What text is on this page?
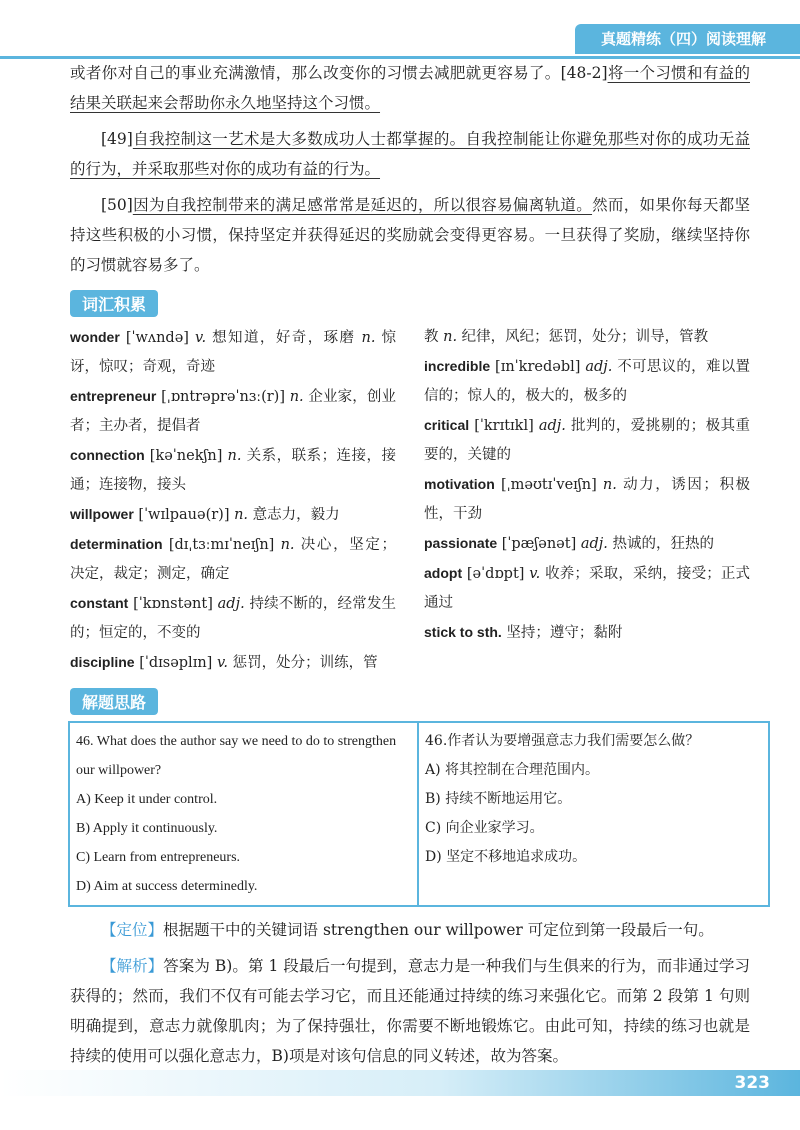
真题精练（四）阅读理解

或者你对自己的事业充满激情，那么改变你的习惯去减肥就更容易了。[48-2]将一个习惯和有益的结果关联起来会帮助你永久地坚持这个习惯。

[49]自我控制这一艺术是大多数成功人士都掌握的。自我控制能让你避免那些对你的成功无益的行为，并采取那些对你的成功有益的行为。

[50]因为自我控制带来的满足感常常是延迟的，所以很容易偏离轨道。然而，如果你每天都坚持这些积极的小习惯，保持坚定并获得延迟的奖励就会变得更容易。一旦获得了奖励，继续坚持你的习惯就容易多了。

词汇积累
wonder [ˈwʌndə] v. 想知道，好奇，琢磨 n. 惊讶，惊叹；奇观，奇迹
entrepreneur [ˌɒntrəprəˈnɜː(r)] n. 企业家，创业者；主办者，提倡者
connection [kəˈnekʃn] n. 关系，联系；连接，接通；连接物，接头
willpower [ˈwɪlpauə(r)] n. 意志力，毅力
determination [dɪˌtɜːmɪˈneɪʃn] n. 决心，坚定；决定，裁定；测定，确定
constant [ˈkɒnstənt] adj. 持续不断的，经常发生的；恒定的，不变的
discipline [ˈdɪsəplɪn] v. 惩罚，处分；训练，管
教 n. 纪律，风纪；惩罚，处分；训导，管教
incredible [ɪnˈkredəbl] adj. 不可思议的，难以置信的；惊人的，极大的，极多的
critical [ˈkrɪtɪkl] adj. 批判的，爱挑剔的；极其重要的，关键的
motivation [ˌməʊtɪˈveɪʃn] n. 动力，诱因；积极性，干劲
passionate [ˈpæʃənət] adj. 热诚的，狂热的
adopt [əˈdɒpt] v. 收养；采取，采纳，接受；正式通过
stick to sth. 坚持；遵守；黏附
解题思路
46. What does the author say we need to do to strengthen our willpower?
A) Keep it under control.
B) Apply it continuously.
C) Learn from entrepreneurs.
D) Aim at success determinedly.
46.作者认为要增强意志力我们需要怎么做？
A) 将其控制在合理范围内。
B) 持续不断地运用它。
C) 向企业家学习。
D) 坚定不移地追求成功。

【定位】根据题干中的关键词语 strengthen our willpower 可定位到第一段最后一句。

【解析】答案为 B)。第 1 段最后一句提到，意志力是一种我们与生俱来的行为，而非通过学习获得的；然而，我们不仅有可能去学习它，而且还能通过持续的练习来强化它。而第 2 段第 1 句则明确提到，意志力就像肌肉；为了保持强壮，你需要不断地锻炼它。由此可知，持续的练习也就是持续的使用可以强化意志力，B)项是对该句信息的同义转述，故为答案。

323
